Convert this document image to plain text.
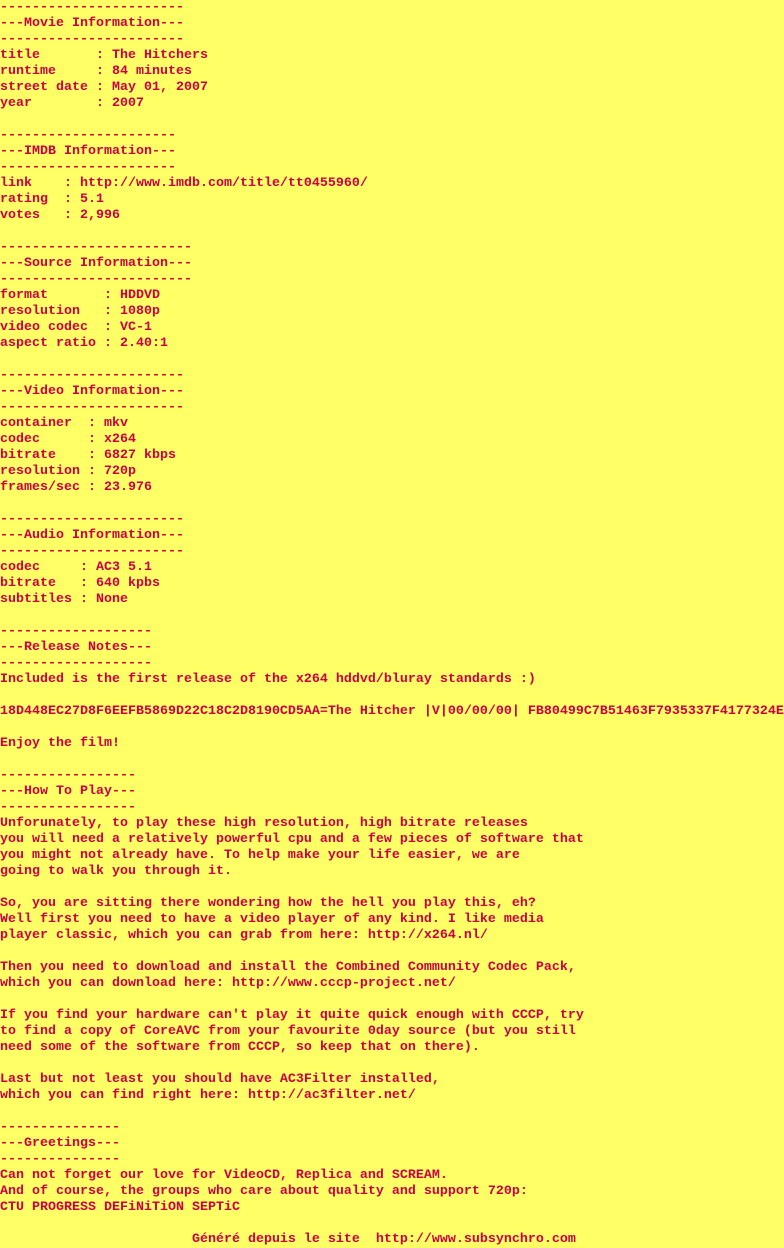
-----------------------
---Movie Information---
-----------------------
title       : The Hitchers
runtime     : 84 minutes
street date : May 01, 2007
year        : 2007
----------------------
---IMDB Information---
----------------------
link    : http://www.imdb.com/title/tt0455960/
rating  : 5.1
votes   : 2,996
------------------------
---Source Information---
------------------------
format       : HDDVD
resolution   : 1080p
video codec  : VC-1
aspect ratio : 2.40:1
-----------------------
---Video Information---
-----------------------
container  : mkv
codec      : x264
bitrate    : 6827 kbps
resolution : 720p
frames/sec : 23.976
-----------------------
---Audio Information---
-----------------------
codec     : AC3 5.1
bitrate   : 640 kpbs
subtitles : None
-------------------
---Release Notes---
-------------------
Included is the first release of the x264 hddvd/bluray standards :)
18D448EC27D8F6EEFB5869D22C18C2D8190CD5AA=The Hitcher |V|00/00/00| FB80499C7B51463F7935337F4177324E
Enjoy the film!
-----------------
---How To Play---
-----------------
Unforunately, to play these high resolution, high bitrate releases
you will need a relatively powerful cpu and a few pieces of software that
you might not already have. To help make your life easier, we are
going to walk you through it.
So, you are sitting there wondering how the hell you play this, eh?
Well first you need to have a video player of any kind. I like media
player classic, which you can grab from here: http://x264.nl/
Then you need to download and install the Combined Community Codec Pack,
which you can download here: http://www.cccp-project.net/
If you find your hardware can't play it quite quick enough with CCCP, try
to find a copy of CoreAVC from your favourite 0day source (but you still
need some of the software from CCCP, so keep that on there).
Last but not least you should have AC3Filter installed,
which you can find right here: http://ac3filter.net/
---------------
---Greetings---
---------------
Can not forget our love for VideoCD, Replica and SCREAM.
And of course, the groups who care about quality and support 720p:
CTU PROGRESS DEFiNiTiON SEPTiC
Généré depuis le site  http://www.subsynchro.com
